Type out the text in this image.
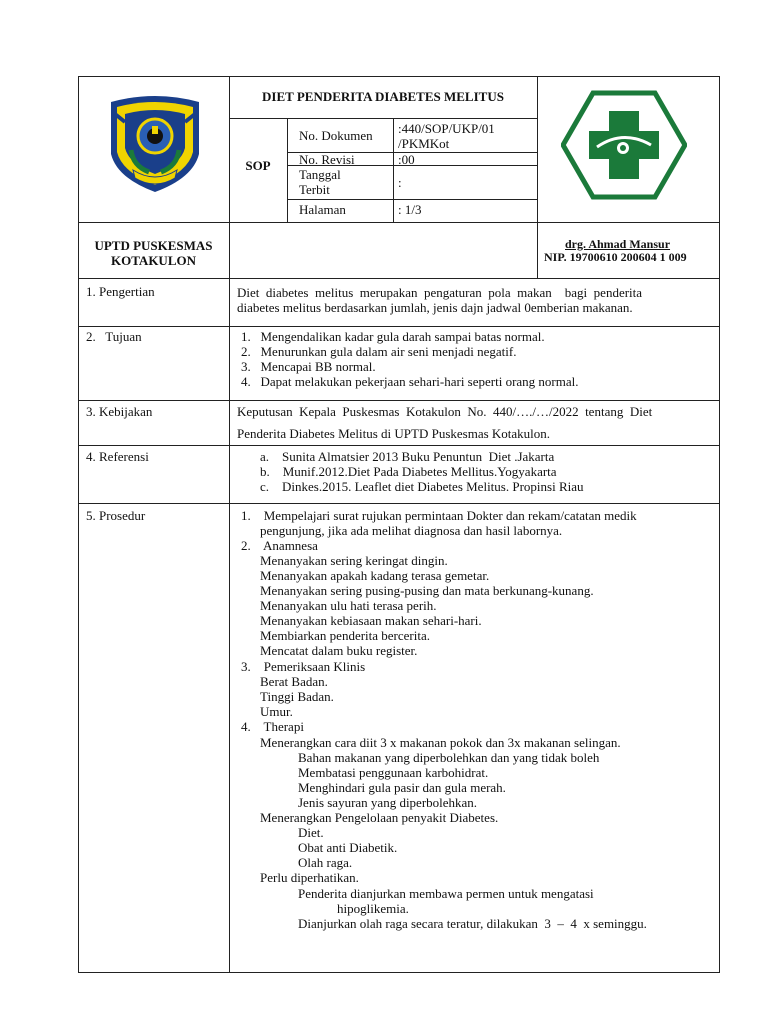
DIET PENDERITA DIABETES MELITUS
SOP
No. Dokumen :440/SOP/UKP/01
/PKMKot
No. Revisi	:00
Tanggal
Terbit	:
Halaman	: 1/3
UPTD PUSKESMAS
KOTAKULON
drg. Ahmad Mansur
NIP. 19700610 200604 1 009
1. Pengertian	Diet  diabetes  melitus  merupakan  pengaturan  pola  makan    bagi  penderita
diabetes melitus berdasarkan jumlah, jenis dajn jadwal 0emberian makanan.
2.   Tujuan	1.   Mengendalikan kadar gula darah sampai batas normal.
2.   Menurunkan gula dalam air seni menjadi negatif.
3.   Mencapai BB normal.
4.   Dapat melakukan pekerjaan sehari-hari seperti orang normal.
3. Kebijakan	Keputusan  Kepala  Puskesmas  Kotakulon  No.  440/…./…/2022  tentang  Diet
Penderita Diabetes Melitus di UPTD Puskesmas Kotakulon.
4. Referensi	a.    Sunita Almatsier 2013 Buku Penuntun  Diet .Jakarta
b.    Munif.2012.Diet Pada Diabetes Mellitus.Yogyakarta
c.    Dinkes.2015. Leaflet diet Diabetes Melitus. Propinsi Riau
5. Prosedur	1.    Mempelajari surat rujukan permintaan Dokter dan rekam/catatan medik
pengunjung, jika ada melihat diagnosa dan hasil labornya.
2.    Anamnesa
Menanyakan sering keringat dingin.
Menanyakan apakah kadang terasa gemetar.
Menanyakan sering pusing-pusing dan mata berkunang-kunang.
Menanyakan ulu hati terasa perih.
Menanyakan kebiasaan makan sehari-hari.
Membiarkan penderita bercerita.
Mencatat dalam buku register.
3.    Pemeriksaan Klinis
Berat Badan.
Tinggi Badan.
Umur.
4.    Therapi
Menerangkan cara diit 3 x makanan pokok dan 3x makanan selingan.
Bahan makanan yang diperbolehkan dan yang tidak boleh
Membatasi penggunaan karbohidrat.
Menghindari gula pasir dan gula merah.
Jenis sayuran yang diperbolehkan.
Menerangkan Pengelolaan penyakit Diabetes.
Diet.
Obat anti Diabetik.
Olah raga.
Perlu diperhatikan.
Penderita dianjurkan membawa permen untuk mengatasi
hipoglikemia.
Dianjurkan olah raga secara teratur, dilakukan  3  –  4  x seminggu.
